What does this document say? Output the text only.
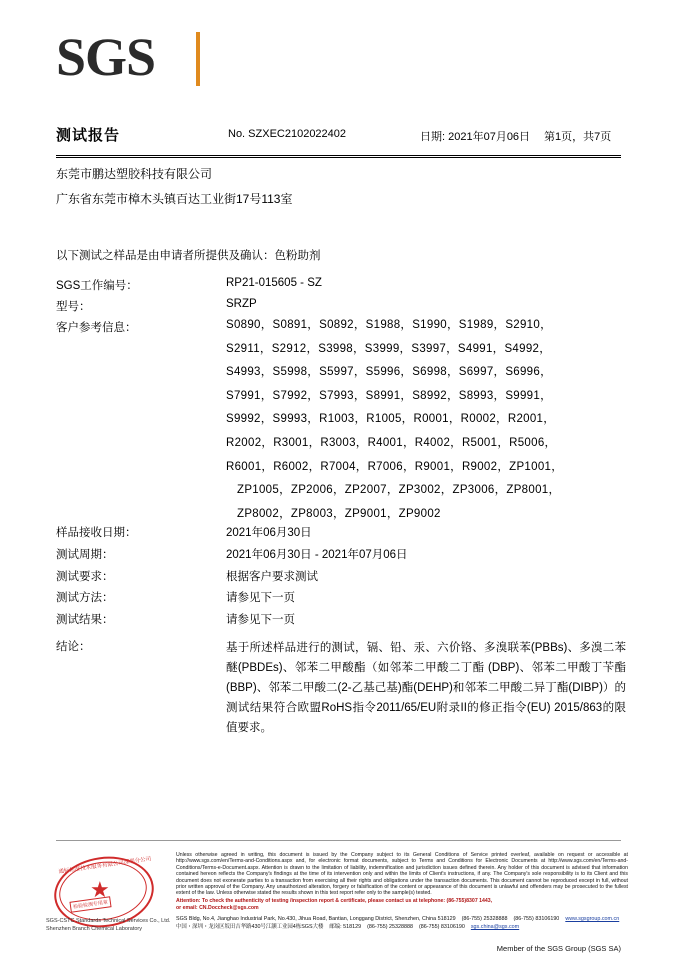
SGS
测试报告	No. SZXEC2102022402	日期: 2021年07月06日 第1页，共7页
东莞市鹏达塑胶科技有限公司
广东省东莞市樟木头镇百达工业街17号113室
以下测试之样品是由申请者所提供及确认：色粉助剂
SGS工作编号：	RP21-015605 - SZ
型号：	SRZP
客户参考信息：	S0890，S0891，S0892，S1988，S1990，S1989，S2910，
S2911，S2912，S3998，S3999，S3997，S4991，S4992，
S4993，S5998，S5997，S5996，S6998，S6997，S6996，
S7991，S7992，S7993，S8991，S8992，S8993，S9991，
S9992，S9993，R1003，R1005，R0001，R0002，R2001，
R2002，R3001，R3003，R4001，R4002，R5001，R5006，
R6001，R6002，R7004，R7006，R9001，R9002，ZP1001，
ZP1005，ZP2006，ZP2007，ZP3002，ZP3006，ZP8001，
ZP8002，ZP8003，ZP9001，ZP9002
样品接收日期：	2021年06月30日
测试周期：	2021年06月30日 - 2021年07月06日
测试要求：	根据客户要求测试
测试方法：	请参见下一页
测试结果：	请参见下一页
结论：	基于所述样品进行的测试，镉、铅、汞、六价铬、多溴联苯(PBBs)、多溴二苯醚(PBDEs)、邻苯二甲酸酯（如邻苯二甲酸二丁酯 (DBP)、邻苯二甲酸丁苄酯(BBP)、邻苯二甲酸二(2-乙基己基)酯(DEHP)和邻苯二甲酸二异丁酯(DIBP)）的测试结果符合欧盟RoHS指令2011/65/EU附录II的修正指令(EU) 2015/863的限值要求。
通标标准技术服务有限公司深圳分公司
★
检验检测专用章
SGS-CSTC Standards Technical Services Co., Ltd.
Shenzhen Branch Chemical Laboratory
Unless otherwise agreed in writing, this document is issued by the Company subject to its General Conditions of Service printed overleaf, available on request or accessible at http://www.sgs.com/en/Terms-and-Conditions.aspx and, for electronic format documents, subject to Terms and Conditions for Electronic Documents at http://www.sgs.com/en/Terms-and-Conditions/Terms-e-Document.aspx. Attention is drawn to the limitation of liability, indemnification and jurisdiction issues defined therein. Any holder of this document is advised that information contained hereon reflects the Company's findings at the time of its intervention only and within the limits of Client's instructions, if any. The Company's sole responsibility is to its Client and this document does not exonerate parties to a transaction from exercising all their rights and obligations under the transaction documents. This document cannot be reproduced except in full, without prior written approval of the Company. Any unauthorized alteration, forgery or falsification of the content or appearance of this document is unlawful and offenders may be prosecuted to the fullest extent of the law. Unless otherwise stated the results shown in this test report refer only to the sample(s) tested.
Attention: To check the authenticity of testing /inspection report & certificate, please contact us at telephone: (86-755)8307 1443,
or email: CN.Doccheck@sgs.com
SGS Bldg, No.4, Jianghao Industrial Park, No.430, Jihua Road, Bantian, Longgang District, Shenzhen, China 518129 (86-755) 25328888 (86-755) 83106190 www.sgsgroup.com.cn
中国・深圳・龙岗区坂田吉华路430号江灏工业园4栋SGS大楼 邮编: 518129 (86-755) 25328888 (86-755) 83106190 sgs.china@sgs.com
Member of the SGS Group (SGS SA)
